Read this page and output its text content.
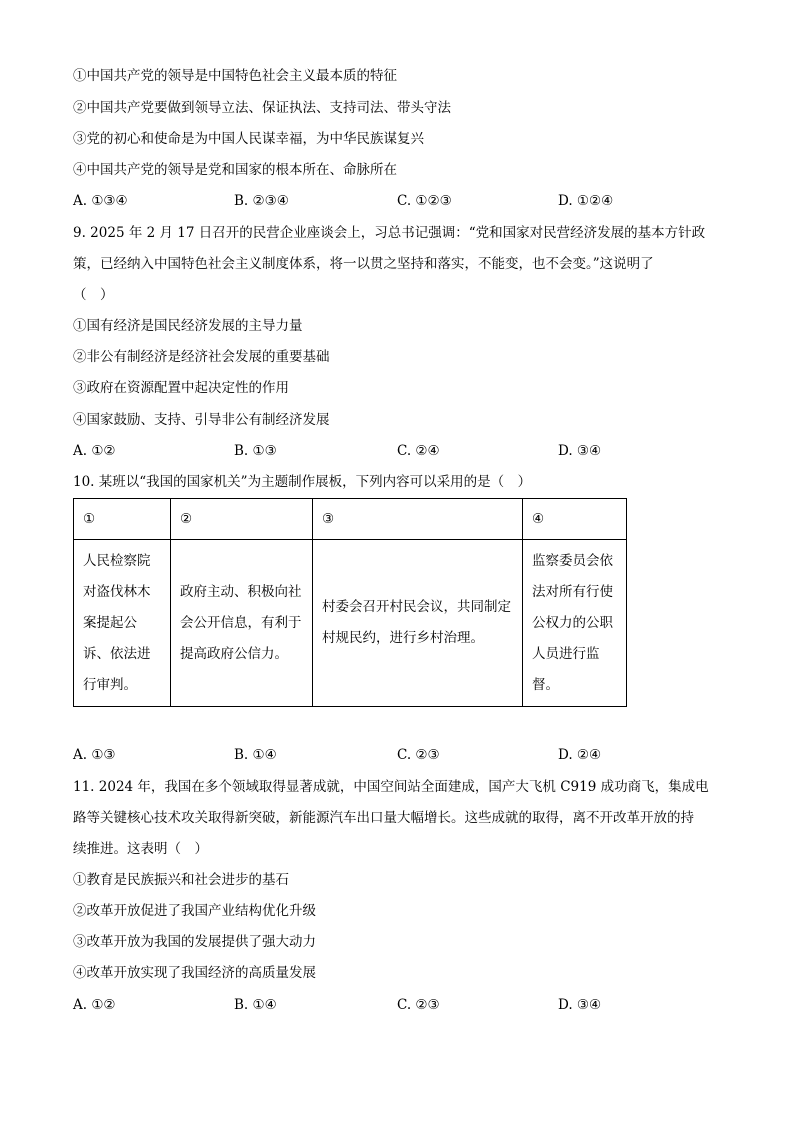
①中国共产党的领导是中国特色社会主义最本质的特征
②中国共产党要做到领导立法、保证执法、支持司法、带头守法
③党的初心和使命是为中国人民谋幸福，为中华民族谋复兴
④中国共产党的领导是党和国家的根本所在、命脉所在
A. ①③④	B. ②③④	C. ①②③	D. ①②④
9. 2025 年 2 月 17 日召开的民营企业座谈会上，习总书记强调：“党和国家对民营经济发展的基本方针政
策，已经纳入中国特色社会主义制度体系，将一以贯之坚持和落实，不能变，也不会变。”这说明了
（　）
①国有经济是国民经济发展的主导力量
②非公有制经济是经济社会发展的重要基础
③政府在资源配置中起决定性的作用
④国家鼓励、支持、引导非公有制经济发展
A. ①②	B. ①③	C. ②④	D. ③④
10. 某班以“我国的国家机关”为主题制作展板，下列内容可以采用的是（　）
①	②	③	④

人民检察院对盗伐林木案提起公诉、依法进行审判。	政府主动、积极向社会公开信息，有利于提高政府公信力。	村委会召开村民会议，共同制定村规民约，进行乡村治理。	监察委员会依法对所有行使公权力的公职人员进行监督。
A. ①③	B. ①④	C. ②③	D. ②④
11. 2024 年，我国在多个领域取得显著成就，中国空间站全面建成，国产大飞机 C919 成功商飞，集成电
路等关键核心技术攻关取得新突破，新能源汽车出口量大幅增长。这些成就的取得，离不开改革开放的持
续推进。这表明（　）
①教育是民族振兴和社会进步的基石
②改革开放促进了我国产业结构优化升级
③改革开放为我国的发展提供了强大动力
④改革开放实现了我国经济的高质量发展
A. ①②	B. ①④	C. ②③	D. ③④
